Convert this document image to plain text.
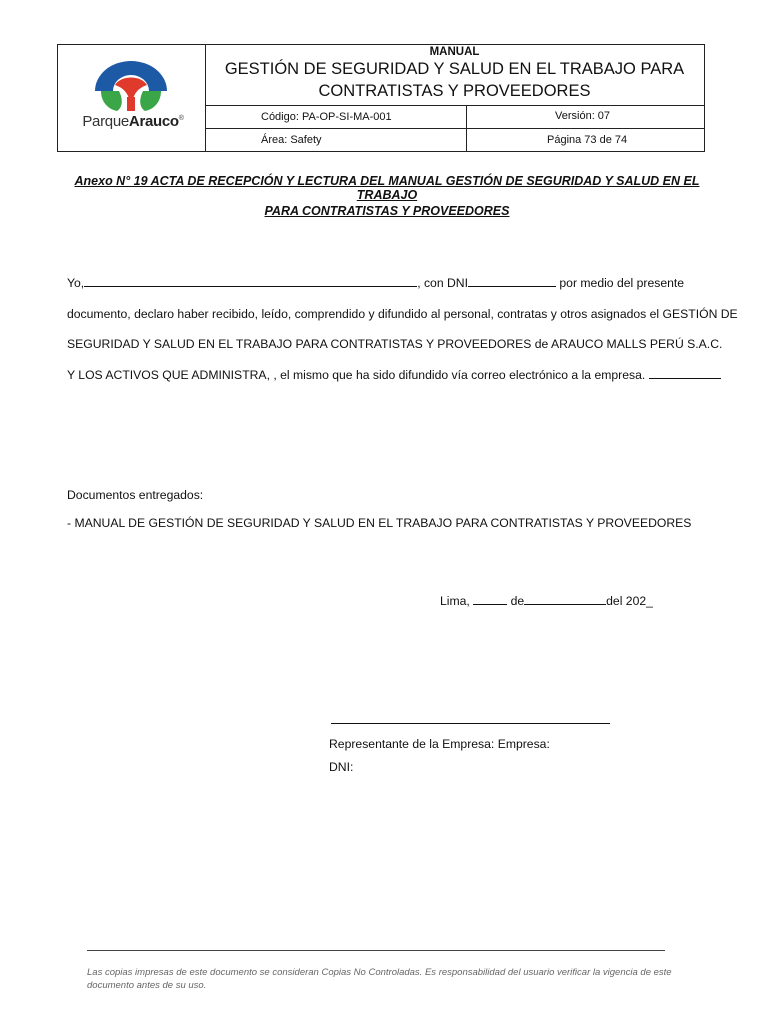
ParqueArauco®
MANUAL
GESTIÓN DE SEGURIDAD Y SALUD EN EL TRABAJO PARA
CONTRATISTAS Y PROVEEDORES
Código: PA-OP-SI-MA-001	Versión: 07
Área: Safety	Página 73 de 74
Anexo N° 19 ACTA DE RECEPCIÓN Y LECTURA DEL MANUAL GESTIÓN DE SEGURIDAD Y SALUD EN EL TRABAJO
PARA CONTRATISTAS Y PROVEEDORES
Yo,	, con DNI	por medio del presente
documento, declaro haber recibido, leído, comprendido y difundido al personal, contratas y otros asignados el GESTIÓN DE
SEGURIDAD Y SALUD EN EL TRABAJO PARA CONTRATISTAS Y PROVEEDORES de ARAUCO MALLS PERÚ S.A.C.
Y LOS ACTIVOS QUE ADMINISTRA, , el mismo que ha sido difundido vía correo electrónico a la empresa.
Documentos entregados:
- MANUAL DE GESTIÓN DE SEGURIDAD Y SALUD EN EL TRABAJO PARA CONTRATISTAS Y PROVEEDORES
Lima,	de	del 202_
Representante de la Empresa: Empresa:
DNI:
Las copias impresas de este documento se consideran Copias No Controladas. Es responsabilidad del usuario verificar la vigencia de este documento antes de su uso.
